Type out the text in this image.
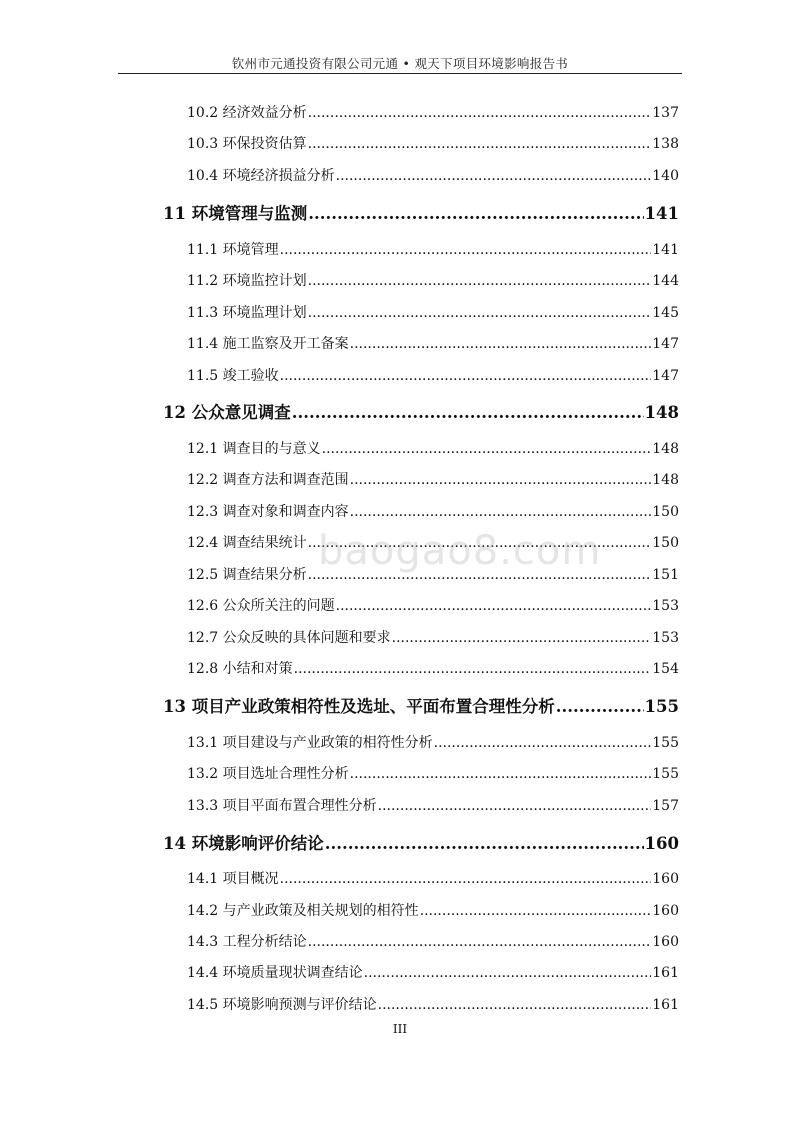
钦州市元通投资有限公司元通 • 观天下项目环境影响报告书
10.2 经济效益分析 .....	137
10.3 环保投资估算 .....	138
10.4 环境经济损益分析 .....	140
11 环境管理与监测 .....	141
11.1 环境管理 .....	141
11.2 环境监控计划 .....	144
11.3 环境监理计划 .....	145
11.4 施工监察及开工备案 .....	147
11.5 竣工验收 .....	147
12 公众意见调查 .....	148
12.1 调查目的与意义 .....	148
12.2 调查方法和调查范围 .....	148
12.3 调查对象和调查内容 .....	150
12.4 调查结果统计 .....	150
12.5 调查结果分析 .....	151
12.6 公众所关注的问题 .....	153
12.7 公众反映的具体问题和要求 .....	153
12.8 小结和对策 .....	154
13 项目产业政策相符性及选址、平面布置合理性分析 .....	155
13.1 项目建设与产业政策的相符性分析 .....	155
13.2 项目选址合理性分析 .....	155
13.3 项目平面布置合理性分析 .....	157
14 环境影响评价结论 .....	160
14.1 项目概况 .....	160
14.2 与产业政策及相关规划的相符性 .....	160
14.3 工程分析结论 .....	160
14.4 环境质量现状调查结论 .....	161
14.5 环境影响预测与评价结论 .....	161
baogao8.com
III
